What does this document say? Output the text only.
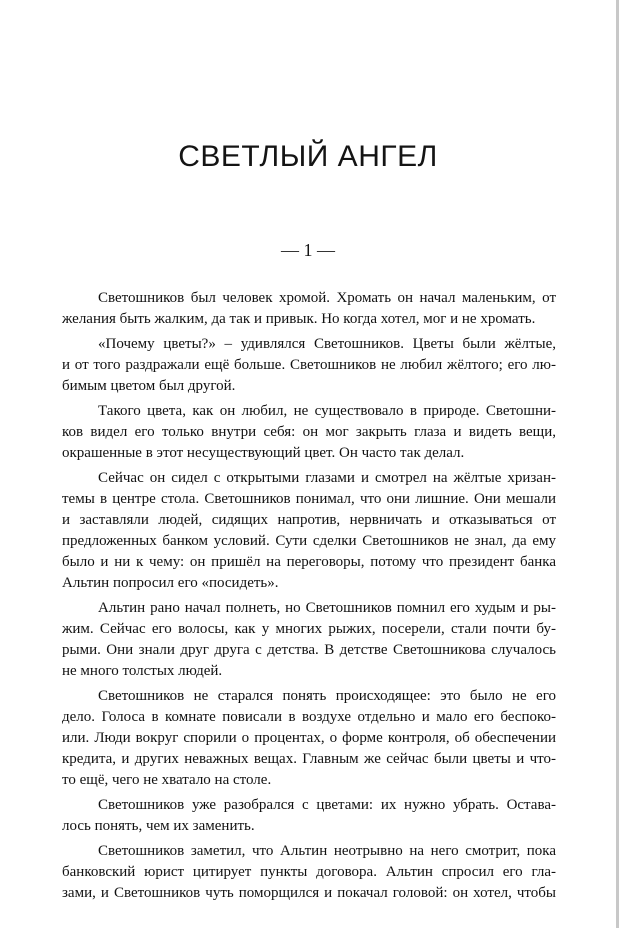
СВЕТЛЫЙ АНГЕЛ
— 1 —
Светошников был человек хромой. Хромать он начал маленьким, от
желания быть жалким, да так и привык. Но когда хотел, мог и не хромать.
«Почему цветы?» – удивлялся Светошников. Цветы были жёлтые,
и от того раздражали ещё больше. Светошников не любил жёлтого; его лю-
бимым цветом был другой.
Такого цвета, как он любил, не существовало в природе. Светошни-
ков видел его только внутри себя: он мог закрыть глаза и видеть вещи,
окрашенные в этот несуществующий цвет. Он часто так делал.
Сейчас он сидел с открытыми глазами и смотрел на жёлтые хризан-
темы в центре стола. Светошников понимал, что они лишние. Они мешали
и заставляли людей, сидящих напротив, нервничать и отказываться от
предложенных банком условий. Сути сделки Светошников не знал, да ему
было и ни к чему: он пришёл на переговоры, потому что президент банка
Альтин попросил его «посидеть».
Альтин рано начал полнеть, но Светошников помнил его худым и ры-
жим. Сейчас его волосы, как у многих рыжих, посерели, стали почти бу-
рыми. Они знали друг друга с детства. В детстве Светошникова случалось
не много толстых людей.
Светошников не старался понять происходящее: это было не его
дело. Голоса в комнате повисали в воздухе отдельно и мало его беспоко-
или. Люди вокруг спорили о процентах, о форме контроля, об обеспечении
кредита, и других неважных вещах. Главным же сейчас были цветы и что-
то ещё, чего не хватало на столе.
Светошников уже разобрался с цветами: их нужно убрать. Остава-
лось понять, чем их заменить.
Светошников заметил, что Альтин неотрывно на него смотрит, пока
банковский юрист цитирует пункты договора. Альтин спросил его гла-
зами, и Светошников чуть поморщился и покачал головой: он хотел, чтобы
